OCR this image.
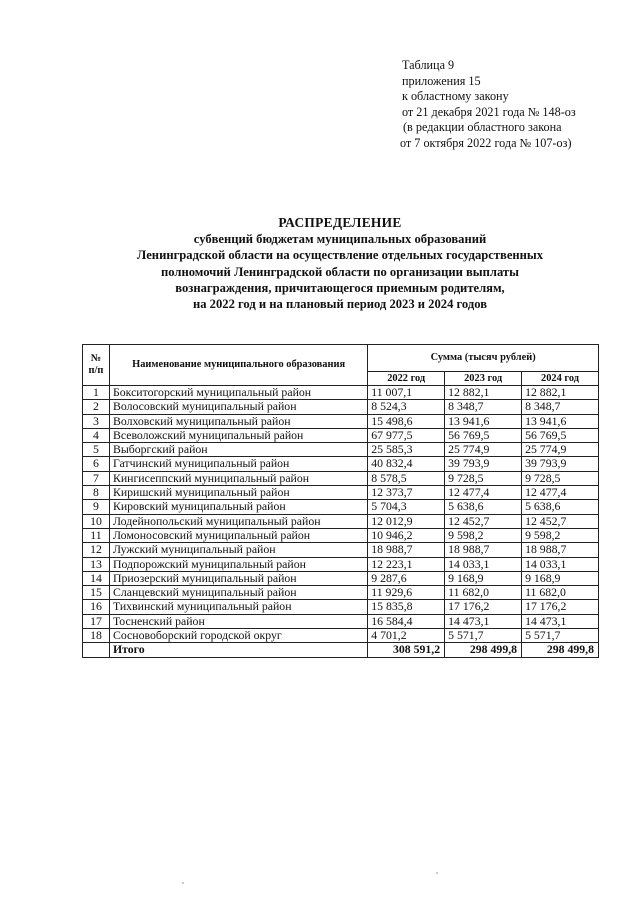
Таблица 9
приложения 15
к областному закону
от 21 декабря 2021 года № 148-оз
(в редакции областного закона
от 7 октября 2022 года № 107-оз)
РАСПРЕДЕЛЕНИЕ
субвенций бюджетам муниципальных образований
Ленинградской области на осуществление отдельных государственных
полномочий Ленинградской области по организации выплаты
вознаграждения, причитающегося приемным родителям,
на 2022 год и на плановый период 2023 и 2024 годов
№ п/п	Наименование муниципального образования	Сумма (тысяч рублей)		
		2022 год	2023 год	2024 год
1	Бокситогорский муниципальный район	11 007,1	12 882,1	12 882,1
2	Волосовский муниципальный район	8 524,3	8 348,7	8 348,7
3	Волховский муниципальный район	15 498,6	13 941,6	13 941,6
4	Всеволожский муниципальный район	67 977,5	56 769,5	56 769,5
5	Выборгский район	25 585,3	25 774,9	25 774,9
6	Гатчинский муниципальный район	40 832,4	39 793,9	39 793,9
7	Кингисеппский муниципальный район	8 578,5	9 728,5	9 728,5
8	Киришский муниципальный район	12 373,7	12 477,4	12 477,4
9	Кировский муниципальный район	5 704,3	5 638,6	5 638,6
10	Лодейнопольский муниципальный район	12 012,9	12 452,7	12 452,7
11	Ломоносовский муниципальный район	10 946,2	9 598,2	9 598,2
12	Лужский муниципальный район	18 988,7	18 988,7	18 988,7
13	Подпорожский муниципальный район	12 223,1	14 033,1	14 033,1
14	Приозерский муниципальный район	9 287,6	9 168,9	9 168,9
15	Сланцевский муниципальный район	11 929,6	11 682,0	11 682,0
16	Тихвинский муниципальный район	15 835,8	17 176,2	17 176,2
17	Тосненский район	16 584,4	14 473,1	14 473,1
18	Сосновоборский городской округ	4 701,2	5 571,7	5 571,7
	Итого	308 591,2	298 499,8	298 499,8
